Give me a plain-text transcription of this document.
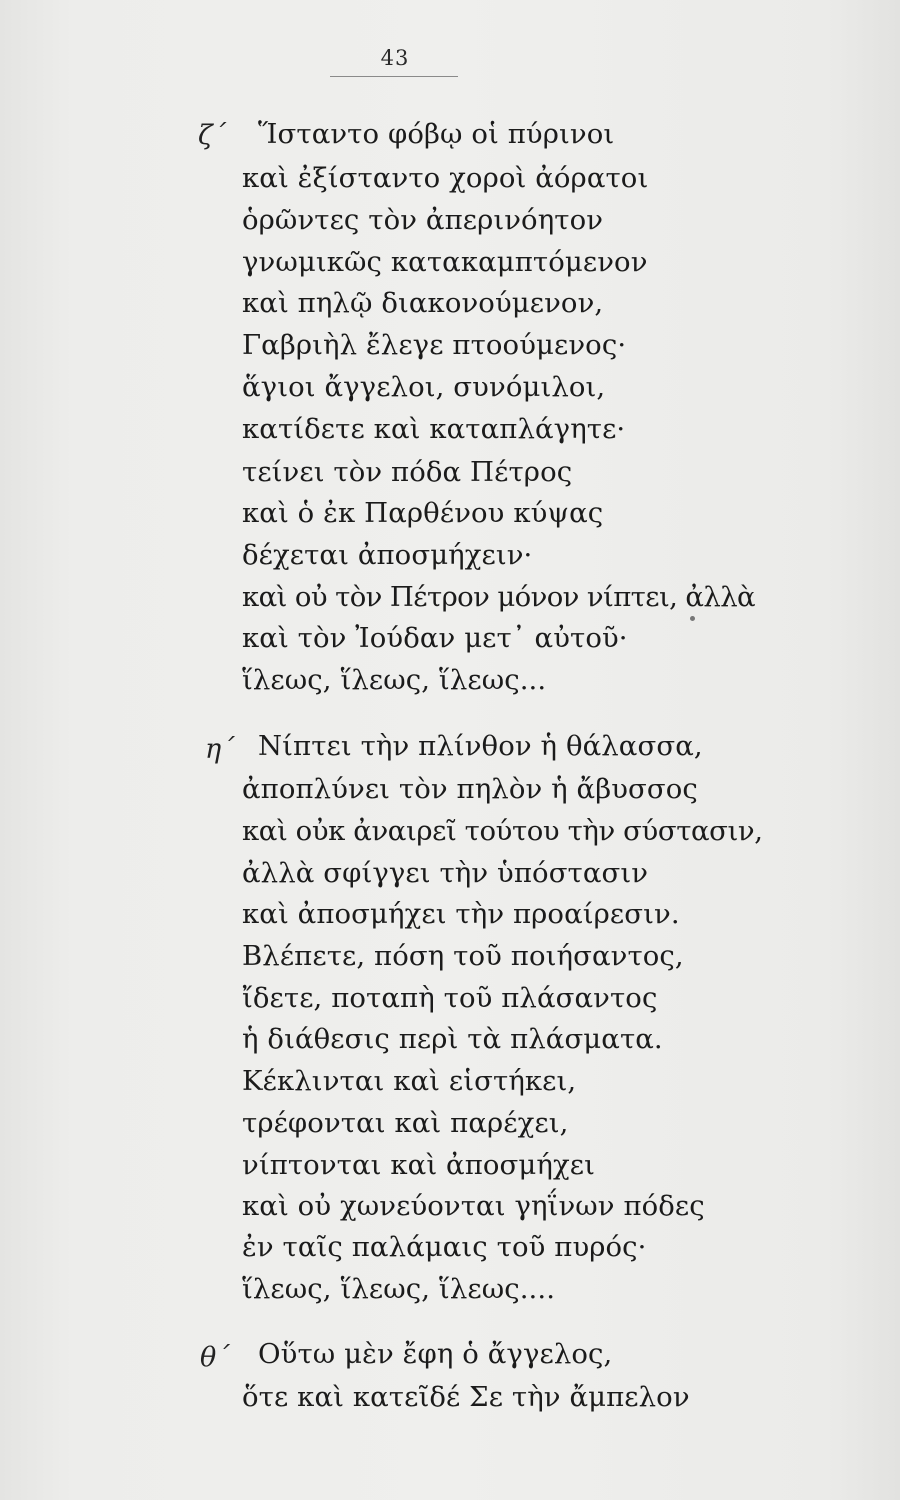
43
ζ΄ Ἵσταντο φόβῳ οἱ πύρινοι
καὶ ἐξίσταντο χοροὶ ἀόρατοι
ὁρῶντες τὸν ἀπερινόητον
γνωμικῶς κατακαμπτόμενον
καὶ πηλῷ διακονούμενον,
Γαβριὴλ ἔλεγε πτοούμενος·
ἅγιοι ἄγγελοι, συνόμιλοι,
κατίδετε καὶ καταπλάγητε·
τείνει τὸν πόδα Πέτρος
καὶ ὁ ἐκ Παρθένου κύψας
δέχεται ἀποσμήχειν·
καὶ οὐ τὸν Πέτρον μόνον νίπτει, ἀλλὰ
καὶ τὸν Ἰούδαν μετ᾽ αὐτοῦ·
ἵλεως, ἵλεως, ἵλεως...
η΄ Νίπτει τὴν πλίνθον ἡ θάλασσα,
ἀποπλύνει τὸν πηλὸν ἡ ἄβυσσος
καὶ οὐκ ἀναιρεῖ τούτου τὴν σύστασιν,
ἀλλὰ σφίγγει τὴν ὑπόστασιν
καὶ ἀποσμήχει τὴν προαίρεσιν.
Βλέπετε, πόση τοῦ ποιήσαντος,
ἴδετε, ποταπὴ τοῦ πλάσαντος
ἡ διάθεσις περὶ τὰ πλάσματα.
Κέκλινται καὶ εἱστήκει,
τρέφονται καὶ παρέχει,
νίπτονται καὶ ἀποσμήχει
καὶ οὐ χωνεύονται γηΐνων πόδες
ἐν ταῖς παλάμαις τοῦ πυρός·
ἵλεως, ἵλεως, ἵλεως....
θ΄ Οὕτω μὲν ἔφη ὁ ἄγγελος,
ὅτε καὶ κατεῖδέ Σε τὴν ἄμπελον
